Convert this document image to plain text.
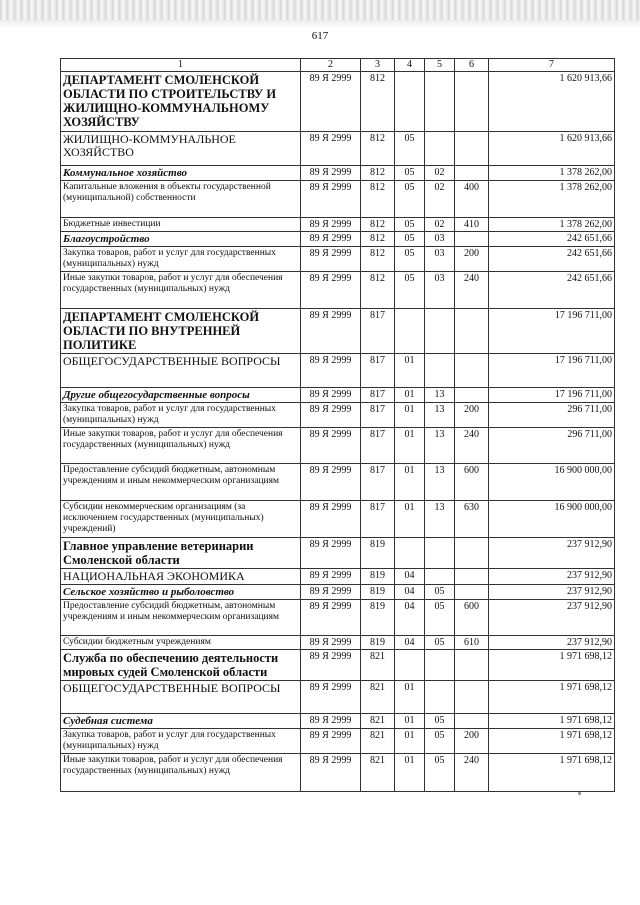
617
1	2	3	4	5	6	7
ДЕПАРТАМЕНТ СМОЛЕНСКОЙ ОБЛАСТИ ПО СТРОИТЕЛЬСТВУ И ЖИЛИЩНО-КОММУНАЛЬНОМУ ХОЗЯЙСТВУ	89 Я 2999	812				1 620 913,66
ЖИЛИЩНО-КОММУНАЛЬНОЕ ХОЗЯЙСТВО	89 Я 2999	812	05			1 620 913,66
Коммунальное хозяйство	89 Я 2999	812	05	02		1 378 262,00
Капитальные вложения в объекты государственной (муниципальной) собственности	89 Я 2999	812	05	02	400	1 378 262,00
Бюджетные инвестиции	89 Я 2999	812	05	02	410	1 378 262,00
Благоустройство	89 Я 2999	812	05	03		242 651,66
Закупка товаров, работ и услуг для государственных (муниципальных) нужд	89 Я 2999	812	05	03	200	242 651,66
Иные закупки товаров, работ и услуг для обеспечения государственных (муниципальных) нужд	89 Я 2999	812	05	03	240	242 651,66
ДЕПАРТАМЕНТ СМОЛЕНСКОЙ ОБЛАСТИ ПО ВНУТРЕННЕЙ ПОЛИТИКЕ	89 Я 2999	817				17 196 711,00
ОБЩЕГОСУДАРСТВЕННЫЕ ВОПРОСЫ	89 Я 2999	817	01			17 196 711,00
Другие общегосударственные вопросы	89 Я 2999	817	01	13		17 196 711,00
Закупка товаров, работ и услуг для государственных (муниципальных) нужд	89 Я 2999	817	01	13	200	296 711,00
Иные закупки товаров, работ и услуг для обеспечения государственных (муниципальных) нужд	89 Я 2999	817	01	13	240	296 711,00
Предоставление субсидий бюджетным, автономным учреждениям и иным некоммерческим организациям	89 Я 2999	817	01	13	600	16 900 000,00
Субсидии некоммерческим организациям (за исключением государственных (муниципальных) учреждений)	89 Я 2999	817	01	13	630	16 900 000,00
Главное управление ветеринарии Смоленской области	89 Я 2999	819				237 912,90
НАЦИОНАЛЬНАЯ ЭКОНОМИКА	89 Я 2999	819	04			237 912,90
Сельское хозяйство и рыболовство	89 Я 2999	819	04	05		237 912,90
Предоставление субсидий бюджетным, автономным учреждениям и иным некоммерческим организациям	89 Я 2999	819	04	05	600	237 912,90
Субсидии бюджетным учреждениям	89 Я 2999	819	04	05	610	237 912,90
Служба по обеспечению деятельности мировых судей Смоленской области	89 Я 2999	821				1 971 698,12
ОБЩЕГОСУДАРСТВЕННЫЕ ВОПРОСЫ	89 Я 2999	821	01			1 971 698,12
Судебная система	89 Я 2999	821	01	05		1 971 698,12
Закупка товаров, работ и услуг для государственных (муниципальных) нужд	89 Я 2999	821	01	05	200	1 971 698,12
Иные закупки товаров, работ и услуг для обеспечения государственных (муниципальных) нужд	89 Я 2999	821	01	05	240	1 971 698,12
